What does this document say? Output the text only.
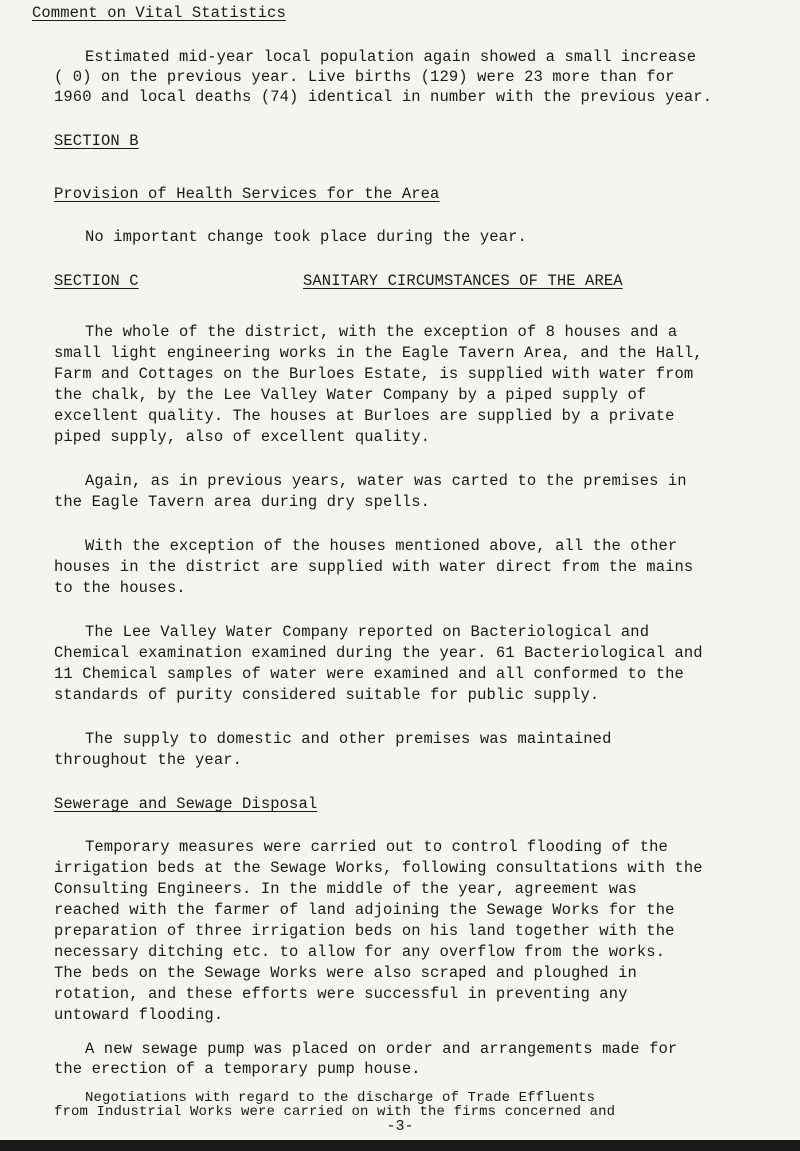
Comment on Vital Statistics
Estimated mid-year local population again showed a small increase
( 0) on the previous year. Live births (129) were 23 more than for
1960 and local deaths (74) identical in number with the previous year.
SECTION B
Provision of Health Services for the Area
No important change took place during the year.
SECTION C	SANITARY CIRCUMSTANCES OF THE AREA
The whole of the district, with the exception of 8 houses and a
small light engineering works in the Eagle Tavern Area, and the Hall,
Farm and Cottages on the Burloes Estate, is supplied with water from
the chalk, by the Lee Valley Water Company by a piped supply of
excellent quality. The houses at Burloes are supplied by a private
piped supply, also of excellent quality.
Again, as in previous years, water was carted to the premises in
the Eagle Tavern area during dry spells.
With the exception of the houses mentioned above, all the other
houses in the district are supplied with water direct from the mains
to the houses.
The Lee Valley Water Company reported on Bacteriological and
Chemical examination examined during the year. 61 Bacteriological and
11 Chemical samples of water were examined and all conformed to the
standards of purity considered suitable for public supply.
The supply to domestic and other premises was maintained
throughout the year.
Sewerage and Sewage Disposal
Temporary measures were carried out to control flooding of the
irrigation beds at the Sewage Works, following consultations with the
Consulting Engineers. In the middle of the year, agreement was
reached with the farmer of land adjoining the Sewage Works for the
preparation of three irrigation beds on his land together with the
necessary ditching etc. to allow for any overflow from the works.
The beds on the Sewage Works were also scraped and ploughed in
rotation, and these efforts were successful in preventing any
untoward flooding.
A new sewage pump was placed on order and arrangements made for
the erection of a temporary pump house.
Negotiations with regard to the discharge of Trade Effluents
from Industrial Works were carried on with the firms concerned and
-3-
